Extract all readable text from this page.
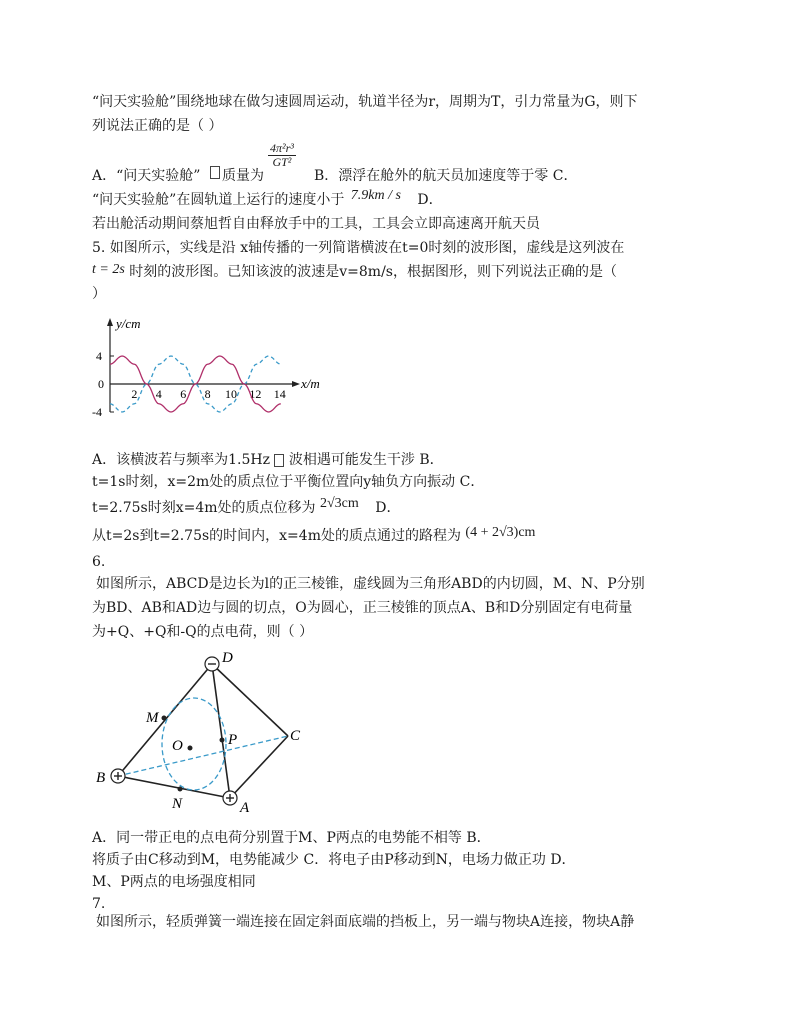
“问天实验舱”围绕地球在做匀速圆周运动，轨道半径为r，周期为T，引力常量为G，则下
列说法正确的是（ ）
A．“问天实验舱” 质量为
$\frac{\text{4π²r³}}{\text{GT²}}$
B．漂浮在舱外的航天员加速度等于零 C．
“问天实验舱”在圆轨道上运行的速度小于 7.9km / s D．
若出舱活动期间蔡旭哲自由释放手中的工具，工具会立即高速离开航天员
5. 如图所示，实线是沿 x轴传播的一列简谐横波在t=0时刻的波形图，虚线是这列波在
t = 2s 时刻的波形图。已知该波的波速是v=8m/s，根据图形，则下列说法正确的是（
）
y/cm
x/m
4
0
-4
2 4 6 8 10 12 14
A．该横波若与频率为1.5Hz 波相遇可能发生干涉 B．
t=1s时刻，x=2m处的质点位于平衡位置向y轴负方向振动 C．
t=2.75s时刻x=4m处的质点位移为 2√3cm D．
从t=2s到t=2.75s的时间内，x=4m处的质点通过的路程为 (4 + 2√3)cm
6.
如图所示，ABCD是边长为l的正三棱锥，虚线圆为三角形ABD的内切圆，M、N、P分别
为BD、AB和AD边与圆的切点，O为圆心，正三棱锥的顶点A、B和D分别固定有电荷量
为+Q、+Q和-Q的点电荷，则（ ）
D
M
O	P	C
B
N	A
A．同一带正电的点电荷分别置于M、P两点的电势能不相等 B．
将质子由C移动到M，电势能减少 C．将电子由P移动到N，电场力做正功 D．
M、P两点的电场强度相同
7.
如图所示，轻质弹簧一端连接在固定斜面底端的挡板上，另一端与物块A连接，物块A静
